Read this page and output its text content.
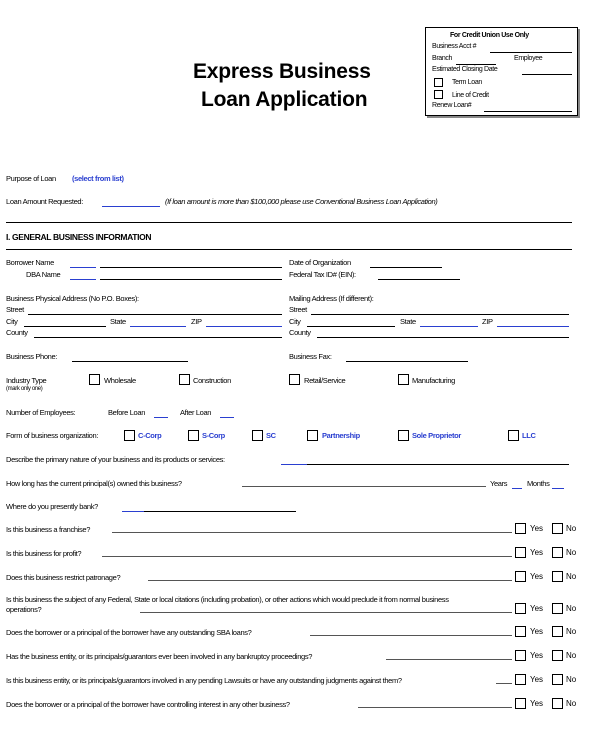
Express Business
Loan Application
For Credit Union Use Only
Business Acct #
Branch	Employee
Estimated Closing Date
Term Loan
Line of Credit
Renew Loan#
Purpose of Loan (select from list)
Loan Amount Requested:	(If loan amount is more than $100,000 please use Conventional Business Loan Application)
I. GENERAL BUSINESS INFORMATION
Borrower Name
DBA Name
Date of Organization
Federal Tax ID# (EIN):
Business Physical Address (No P.O. Boxes):
Street
City	State	ZIP
County
Mailing Address (If different):
Street
City	State	ZIP
County
Business Phone:	Business Fax:
Industry Type
(mark only one)
Wholesale	Construction	Retail/Service	Manufacturing
Number of Employees:	Before Loan	After Loan
Form of business organization:	C-Corp	S-Corp	SC	Partnership	Sole Proprietor	LLC
Describe the primary nature of your business and its products or services:
How long has the current principal(s) owned this business?	Years	Months
Where do you presently bank?
Is this business a franchise?	Yes	No
Is this business for profit?	Yes	No
Does this business restrict patronage?	Yes	No
Is this business the subject of any Federal, State or local citations (including probation), or other actions which would preclude it from normal business operations?	Yes	No
Does the borrower or a principal of the borrower have any outstanding SBA loans?	Yes	No
Has the business entity, or its principals/guarantors ever been involved in any bankruptcy proceedings?	Yes	No
Is this business entity, or its principals/guarantors involved in any pending Lawsuits or have any outstanding judgments against them?	Yes	No
Does the borrower or a principal of the borrower have controlling interest in any other business?	Yes	No
